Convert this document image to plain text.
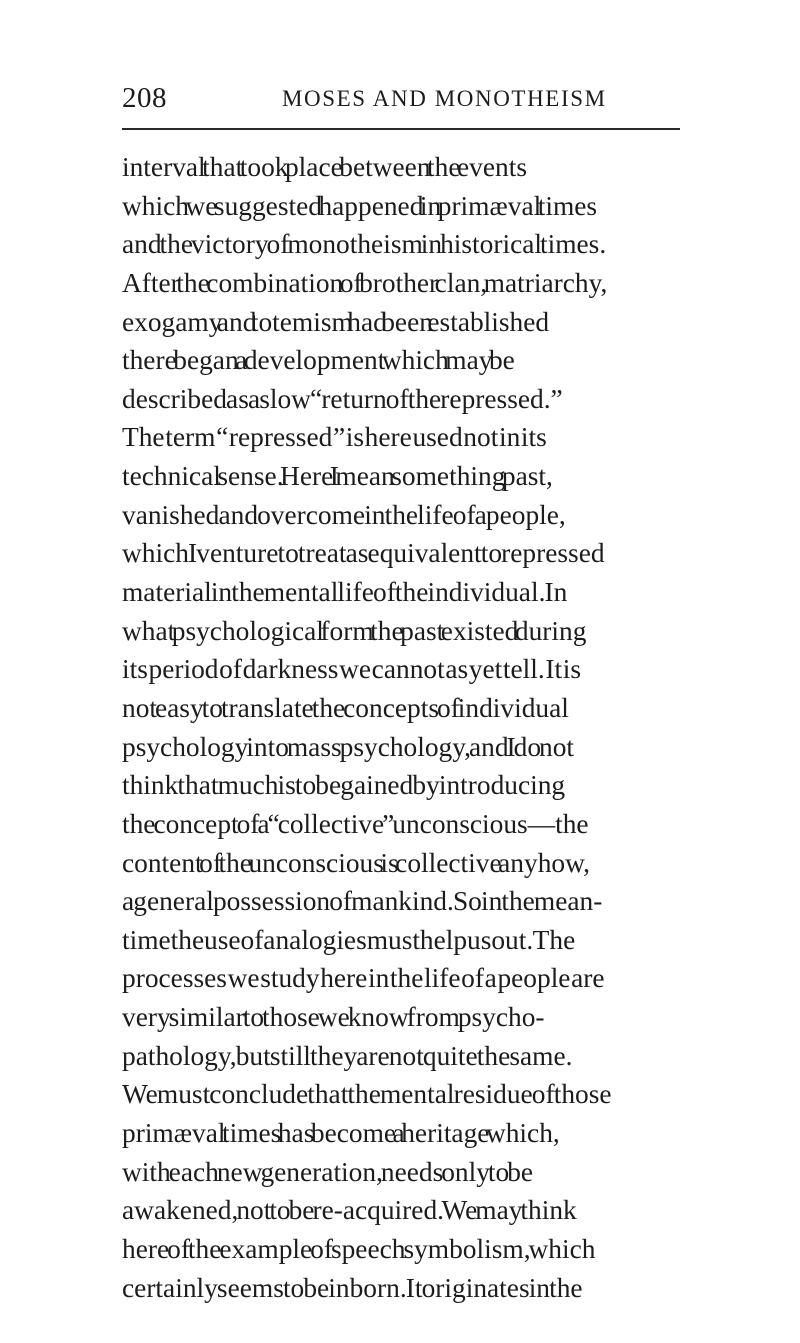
208	MOSES AND MONOTHEISM
interval that took place between the events
which we suggested happened in primæval times
and the victory of monotheism in historical times.
After the combination of brother clan, matriarchy,
exogamy and totemism had been established
there began a development which may be
described as a slow “ return of the repressed.”
The term “ repressed ” is here used not in its
technical sense. Here I mean something past,
vanished and overcome in the life of a people,
which I venture to treat as equivalent to repressed
material in the mental life of the individual. In
what psychological form the past existed during
its period of darkness we cannot as yet tell. It is
not easy to translate the concepts of individual
psychology into mass psychology, and I do not
think that much is to be gained by introducing
the concept of a “ collective ” unconscious—the
content of the unconscious is collective anyhow,
a general possession of mankind. So in the mean-
time the use of analogies must help us out. The
processes we study here in the life of a people are
very similar to those we know from psycho-
pathology, but still they are not quite the same.
We must conclude that the mental residue of those
primæval times has become a heritage which,
with each new generation, needs only to be
awakened, not to be re-acquired. We may think
here of the example of speech symbolism, which
certainly seems to be inborn. It originates in the
